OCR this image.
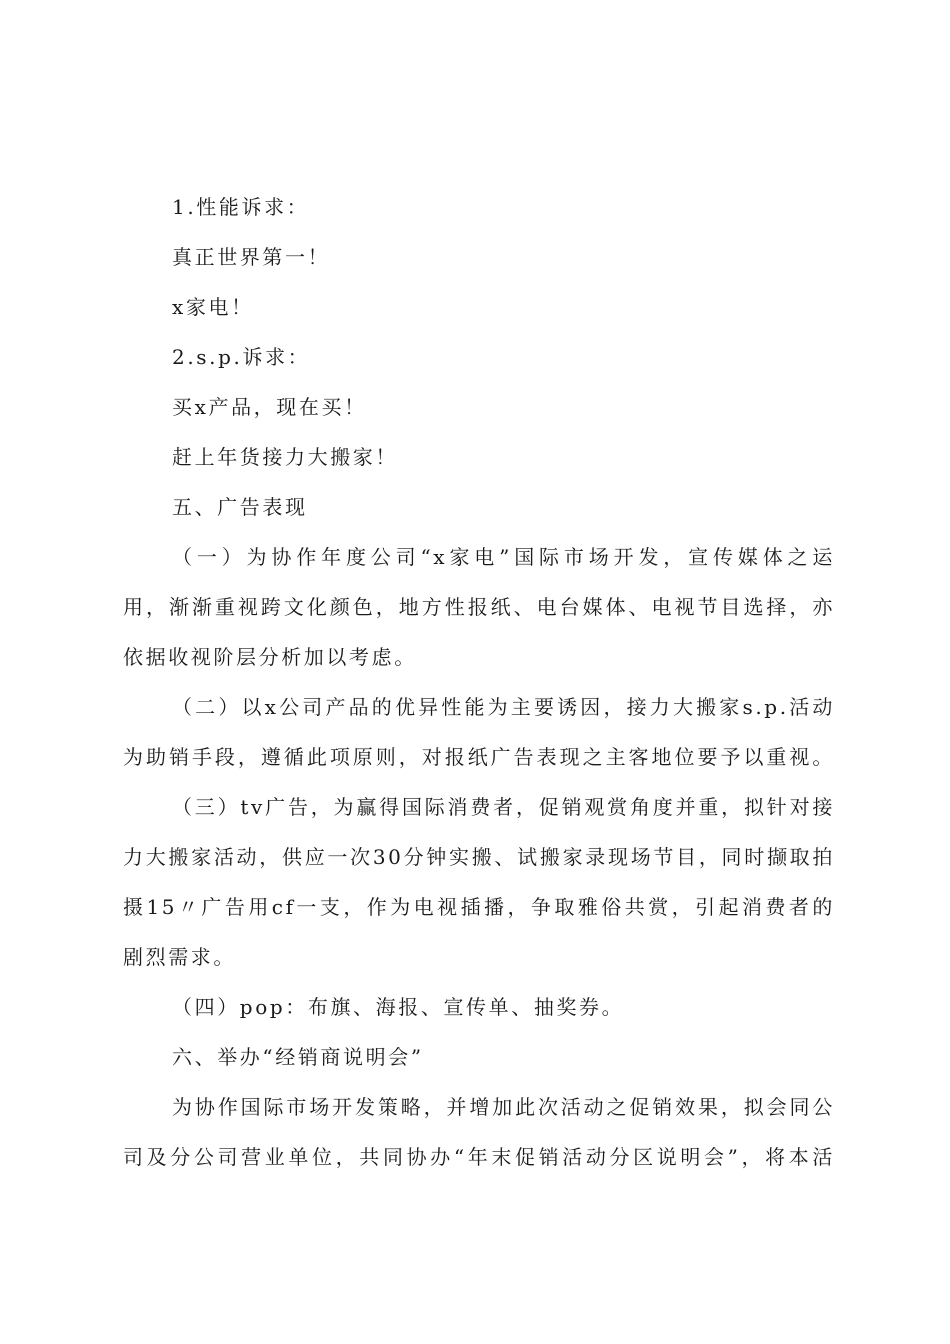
1.性能诉求：
真正世界第一！
x家电！
2.s.p.诉求：
买x产品，现在买！
赶上年货接力大搬家！
五、广告表现
（一）为协作年度公司“x家电”国际市场开发，宣传媒体之运
用，渐渐重视跨文化颜色，地方性报纸、电台媒体、电视节目选择，亦
依据收视阶层分析加以考虑。
（二）以x公司产品的优异性能为主要诱因，接力大搬家s.p.活动
为助销手段，遵循此项原则，对报纸广告表现之主客地位要予以重视。
（三）tv广告，为赢得国际消费者，促销观赏角度并重，拟针对接
力大搬家活动，供应一次30分钟实搬、试搬家录现场节目，同时撷取拍
摄15〃广告用cf一支，作为电视插播，争取雅俗共赏，引起消费者的
剧烈需求。
（四）pop：布旗、海报、宣传单、抽奖券。
六、举办“经销商说明会”
为协作国际市场开发策略，并增加此次活动之促销效果，拟会同公
司及分公司营业单位，共同协办“年末促销活动分区说明会”，将本活
